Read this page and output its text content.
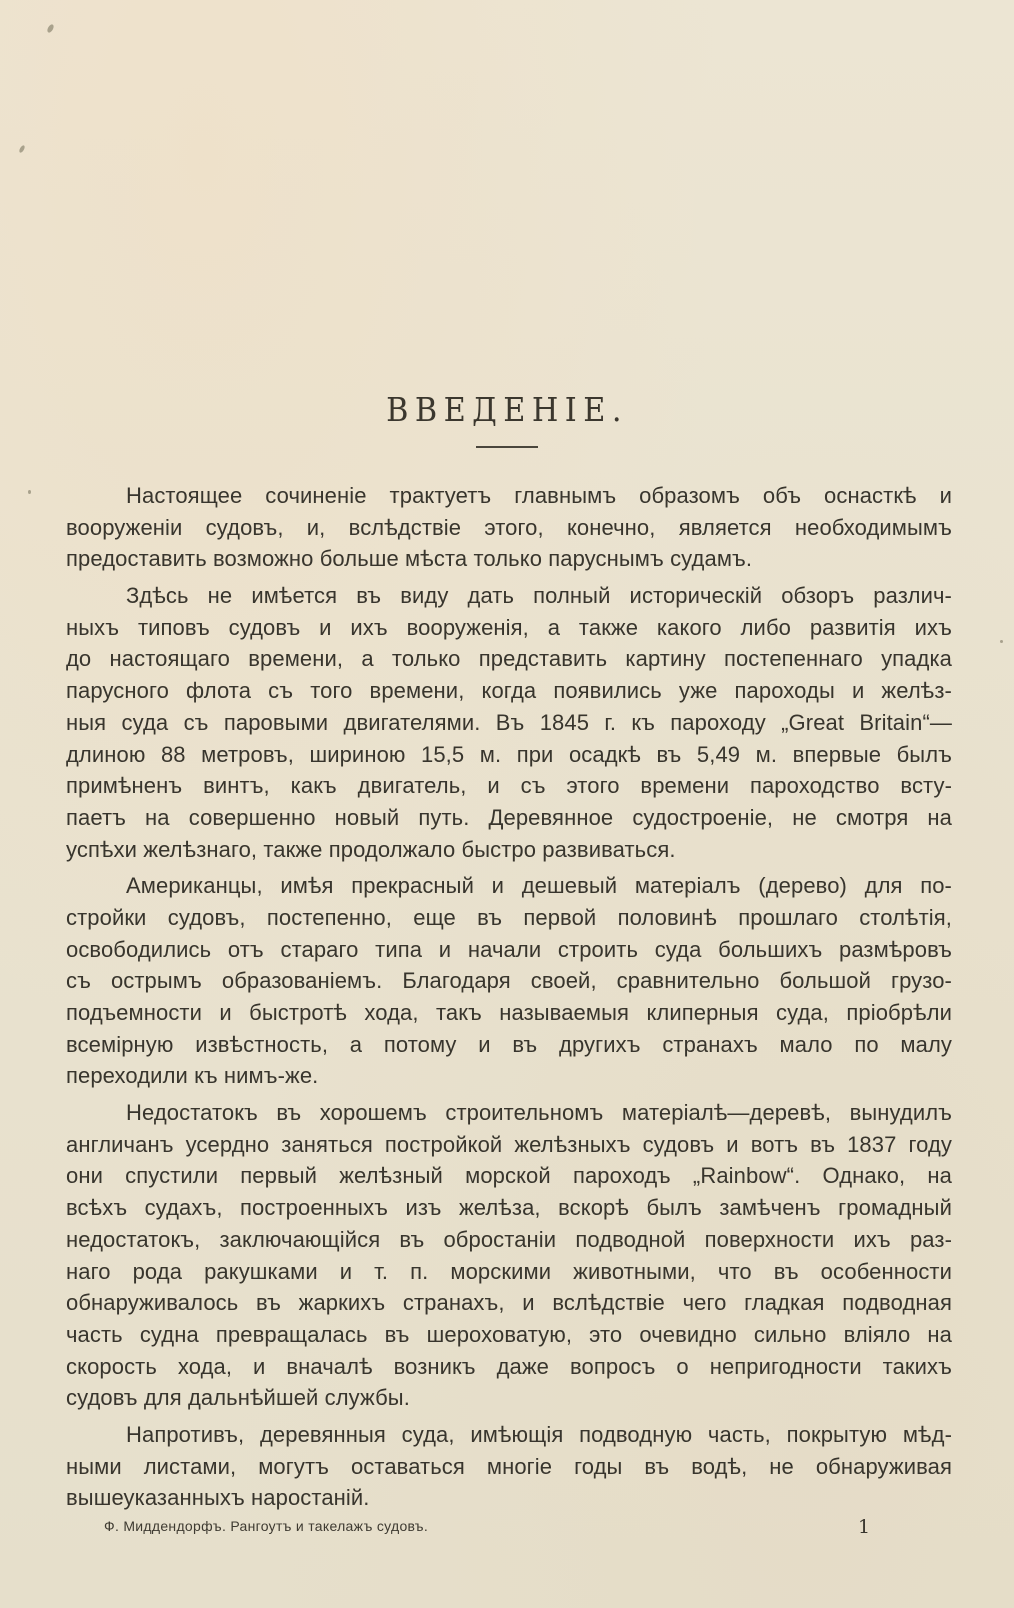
ВВЕДЕНІЕ.
Настоящее сочиненіе трактуетъ главнымъ образомъ объ оснасткѣ и
вооруженіи судовъ, и, вслѣдствіе этого, конечно, является необходимымъ
предоставить возможно больше мѣста только паруснымъ судамъ.
Здѣсь не имѣется въ виду дать полный историческій обзоръ различ-
ныхъ типовъ судовъ и ихъ вооруженія, а также какого либо развитія ихъ
до настоящаго времени, а только представить картину постепеннаго упадка
парусного флота съ того времени, когда появились уже пароходы и желѣз-
ныя суда съ паровыми двигателями. Въ 1845 г. къ пароходу „Great Britain“—
длиною 88 метровъ, шириною 15,5 м. при осадкѣ въ 5,49 м. впервые былъ
примѣненъ винтъ, какъ двигатель, и съ этого времени пароходство всту-
паетъ на совершенно новый путь. Деревянное судостроеніе, не смотря на
успѣхи желѣзнаго, также продолжало быстро развиваться.
Американцы, имѣя прекрасный и дешевый матеріалъ (дерево) для по-
стройки судовъ, постепенно, еще въ первой половинѣ прошлаго столѣтія,
освободились отъ стараго типа и начали строить суда большихъ размѣровъ
съ острымъ образованіемъ. Благодаря своей, сравнительно большой грузо-
подъемности и быстротѣ хода, такъ называемыя клиперныя суда, пріобрѣли
всемірную извѣстность, а потому и въ другихъ странахъ мало по малу
переходили къ нимъ-же.
Недостатокъ въ хорошемъ строительномъ матеріалѣ—деревѣ, вынудилъ
англичанъ усердно заняться постройкой желѣзныхъ судовъ и вотъ въ 1837 году
они спустили первый желѣзный морской пароходъ „Rainbow“. Однако, на
всѣхъ судахъ, построенныхъ изъ желѣза, вскорѣ былъ замѣченъ громадный
недостатокъ, заключающійся въ обростаніи подводной поверхности ихъ раз-
наго рода ракушками и т. п. морскими животными, что въ особенности
обнаруживалось въ жаркихъ странахъ, и вслѣдствіе чего гладкая подводная
часть судна превращалась въ шероховатую, это очевидно сильно вліяло на
скорость хода, и вначалѣ возникъ даже вопросъ о непригодности такихъ
судовъ для дальнѣйшей службы.
Напротивъ, деревянныя суда, имѣющія подводную часть, покрытую мѣд-
ными листами, могутъ оставаться многіе годы въ водѣ, не обнаруживая
вышеуказанныхъ наростаній.
Ф. Миддендорфъ. Рангоутъ и такелажъ судовъ.	1
